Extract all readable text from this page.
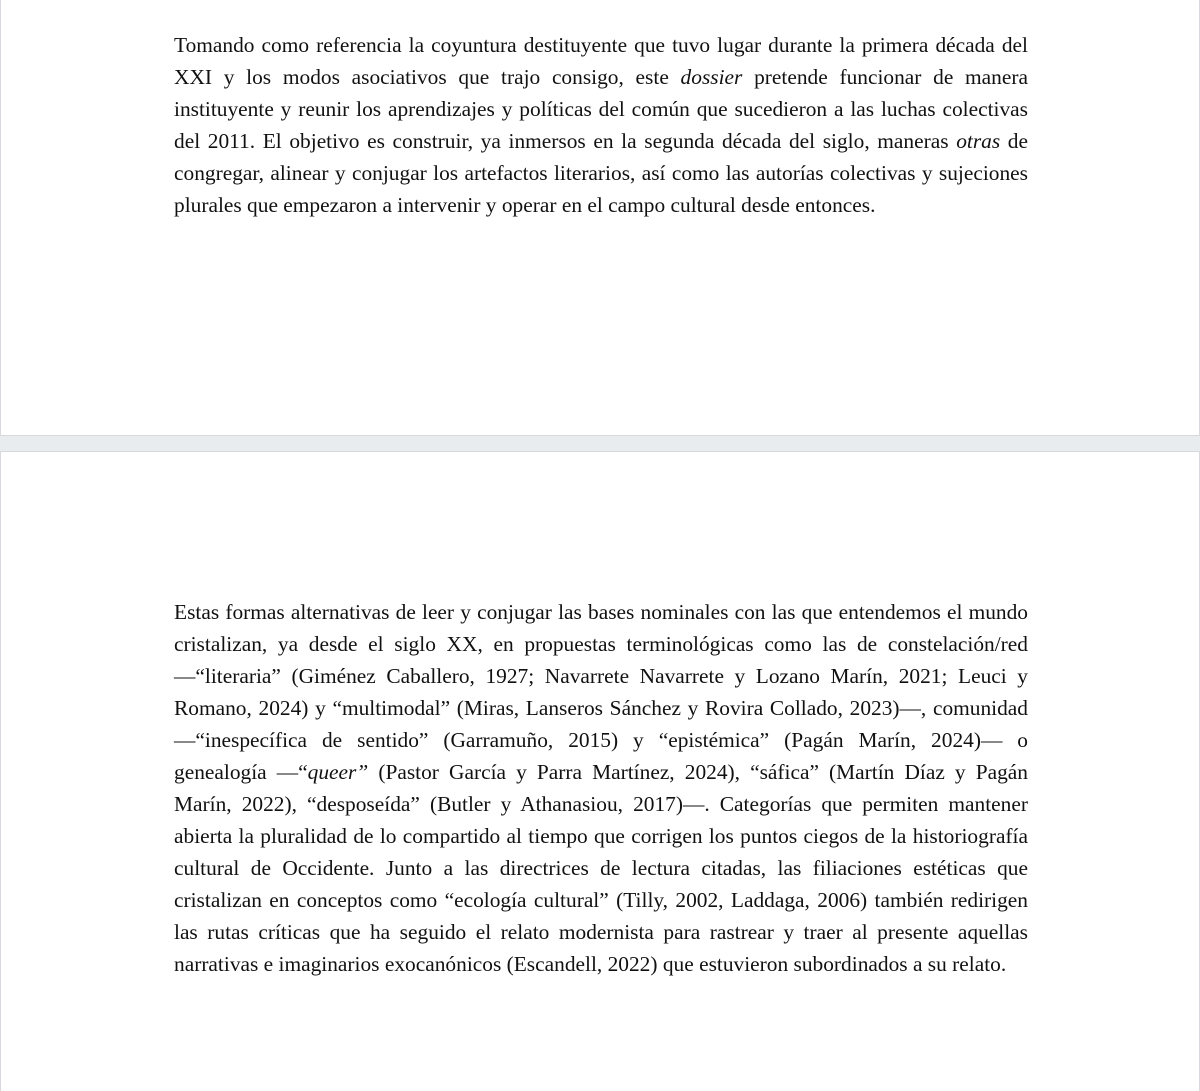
Tomando como referencia la coyuntura destituyente que tuvo lugar durante la primera década del XXI y los modos asociativos que trajo consigo, este dossier pretende funcionar de manera instituyente y reunir los aprendizajes y políticas del común que sucedieron a las luchas colectivas del 2011. El objetivo es construir, ya inmersos en la segunda década del siglo, maneras otras de congregar, alinear y conjugar los artefactos literarios, así como las autorías colectivas y sujeciones plurales que empezaron a intervenir y operar en el campo cultural desde entonces.

Estas formas alternativas de leer y conjugar las bases nominales con las que entendemos el mundo cristalizan, ya desde el siglo XX, en propuestas terminológicas como las de constelación/red —“literaria” (Giménez Caballero, 1927; Navarrete Navarrete y Lozano Marín, 2021; Leuci y Romano, 2024) y “multimodal” (Miras, Lanseros Sánchez y Rovira Collado, 2023)—, comunidad —“inespecífica de sentido” (Garramuño, 2015) y “epistémica” (Pagán Marín, 2024)— o genealogía —“queer” (Pastor García y Parra Martínez, 2024), “sáfica” (Martín Díaz y Pagán Marín, 2022), “desposeída” (Butler y Athanasiou, 2017)—. Categorías que permiten mantener abierta la pluralidad de lo compartido al tiempo que corrigen los puntos ciegos de la historiografía cultural de Occidente. Junto a las directrices de lectura citadas, las filiaciones estéticas que cristalizan en conceptos como “ecología cultural” (Tilly, 2002, Laddaga, 2006) también redirigen las rutas críticas que ha seguido el relato modernista para rastrear y traer al presente aquellas narrativas e imaginarios exocanónicos (Escandell, 2022) que estuvieron subordinados a su relato.
